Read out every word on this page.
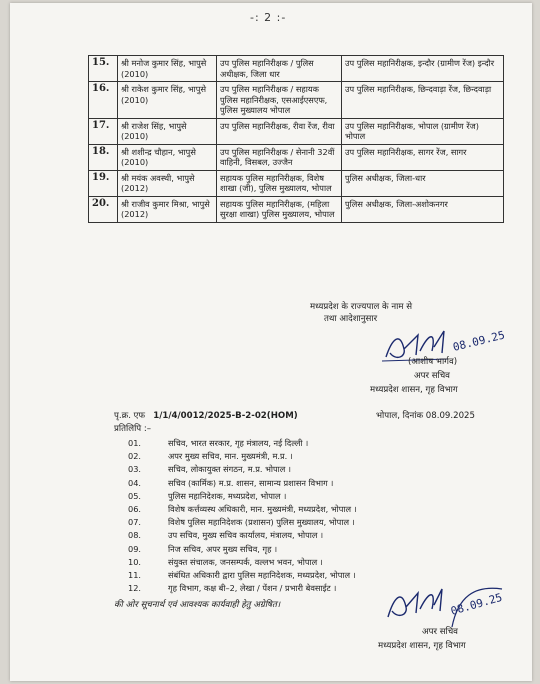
-: 2 :-
15.	श्री मनोज कुमार सिंह, भापुसे (2010)	उप पुलिस महानिरीक्षक / पुलिस अधीक्षक, जिला धार	उप पुलिस महानिरीक्षक, इन्दौर (ग्रामीण रेंज) इन्दौर
16.	श्री राकेश कुमार सिंह, भापुसे (2010)	उप पुलिस महानिरीक्षक / सहायक पुलिस महानिरीक्षक, एसआईएसएफ, पुलिस मुख्यालय भोपाल	उप पुलिस महानिरीक्षक, छिन्दवाड़ा रेंज, छिन्दवाड़ा
17.	श्री राजेश सिंह, भापुसे (2010)	उप पुलिस महानिरीक्षक, रीवा रेंज, रीवा	उप पुलिस महानिरीक्षक, भोपाल (ग्रामीण रेंज) भोपाल
18.	श्री शशीन्द्र चौहान, भापुसे (2010)	उप पुलिस महानिरीक्षक / सेनानी 32वीं वाहिनी, विसबल, उज्जैन	उप पुलिस महानिरीक्षक, सागर रेंज, सागर
19.	श्री मयंक अवस्थी, भापुसे (2012)	सहायक पुलिस महानिरीक्षक, विशेष शाखा (जी), पुलिस मुख्यालय, भोपाल	पुलिस अधीक्षक, जिला-धार
20.	श्री राजीव कुमार मिश्रा, भापुसे (2012)	सहायक पुलिस महानिरीक्षक, (महिला सुरक्षा शाखा) पुलिस मुख्यालय, भोपाल	पुलिस अधीक्षक, जिला-अशोकनगर
मध्यप्रदेश के राज्यपाल के नाम से
तथा आदेशानुसार
08.09.25
(आशीष भार्गव)
अपर सचिव
मध्यप्रदेश शासन, गृह विभाग
पृ.क्र. एफ 1/1/4/0012/2025-B-2-02(HOM)	भोपाल, दिनांक 08.09.2025
प्रतिलिपि :–
01.	सचिव, भारत सरकार, गृह मंत्रालय, नई दिल्ली ।
02.	अपर मुख्य सचिव, मान. मुख्यमंत्री, म.प्र. ।
03.	सचिव, लोकायुक्त संगठन, म.प्र. भोपाल ।
04.	सचिव (कार्मिक) म.प्र. शासन, सामान्य प्रशासन विभाग ।
05.	पुलिस महानिदेशक, मध्यप्रदेश, भोपाल ।
06.	विशेष कर्त्तव्यस्थ अधिकारी, मान. मुख्यमंत्री, मध्यप्रदेश, भोपाल ।
07.	विशेष पुलिस महानिदेशक (प्रशासन) पुलिस मुख्यालय, भोपाल ।
08.	उप सचिव, मुख्य सचिव कार्यालय, मंत्रालय, भोपाल ।
09.	निज सचिव, अपर मुख्य सचिव, गृह ।
10.	संयुक्त संचालक, जनसम्पर्क, वल्लभ भवन, भोपाल ।
11.	संबंधित अधिकारी द्वारा पुलिस महानिदेशक, मध्यप्रदेश, भोपाल ।
12.	गृह विभाग, कक्ष बी–2, लेखा / पेंशन / प्रभारी बेवसाईट ।
की ओर सूचनार्थ एवं आवश्यक कार्यवाही हेतु अग्रेषित।	08.09.25
अपर सचिव
मध्यप्रदेश शासन, गृह विभाग
